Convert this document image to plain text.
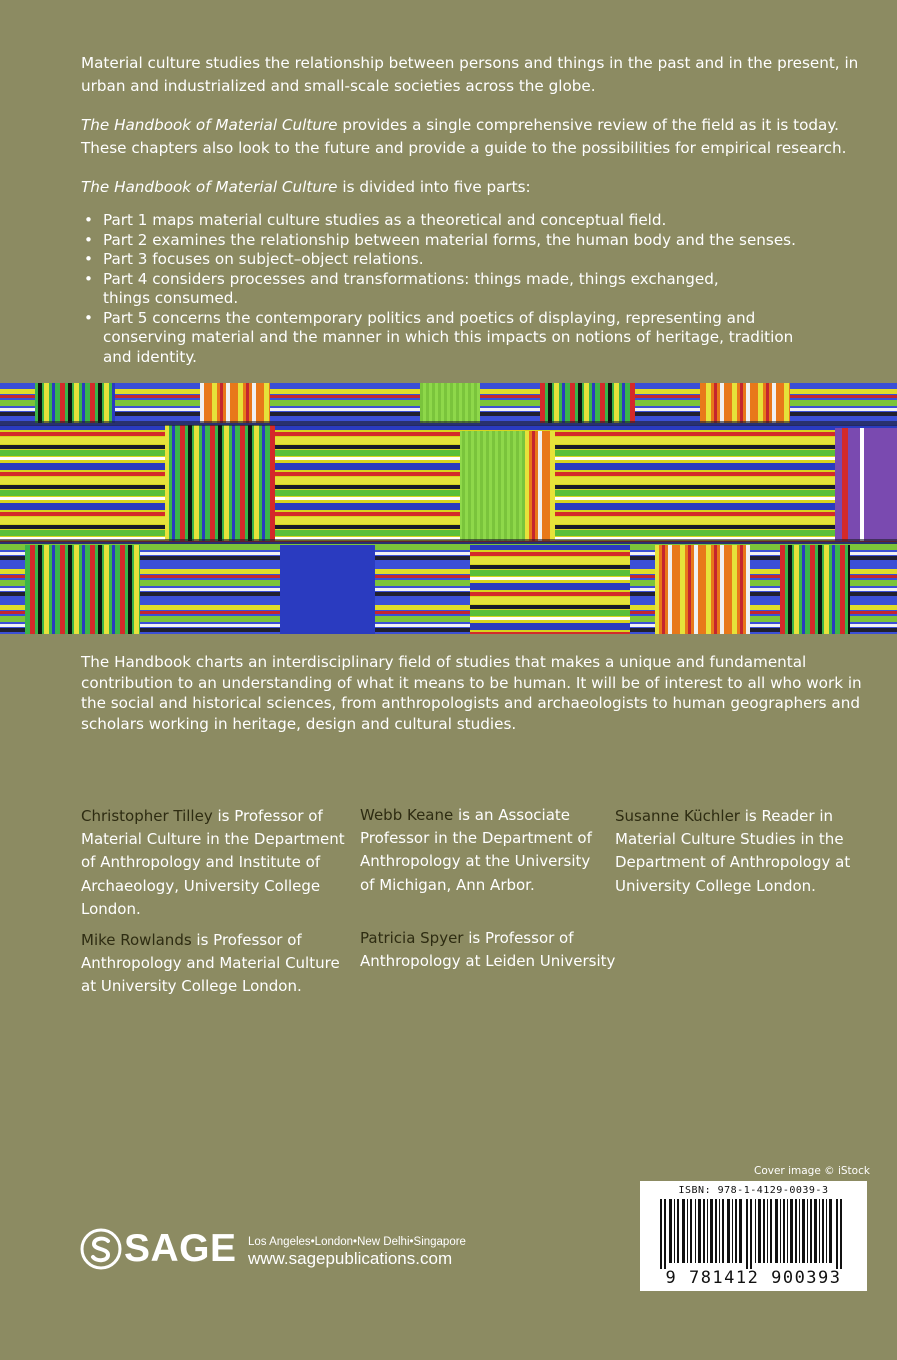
Material culture studies the relationship between persons and things in the past and in the present, in urban and industrialized and small-scale societies across the globe.

The Handbook of Material Culture provides a single comprehensive review of the field as it is today. These chapters also look to the future and provide a guide to the possibilities for empirical research.

The Handbook of Material Culture is divided into five parts:

• Part 1 maps material culture studies as a theoretical and conceptual field.
• Part 2 examines the relationship between material forms, the human body and the senses.
• Part 3 focuses on subject–object relations.
• Part 4 considers processes and transformations: things made, things exchanged, things consumed.
• Part 5 concerns the contemporary politics and poetics of displaying, representing and conserving material and the manner in which this impacts on notions of heritage, tradition and identity.

The Handbook charts an interdisciplinary field of studies that makes a unique and fundamental contribution to an understanding of what it means to be human. It will be of interest to all who work in the social and historical sciences, from anthropologists and archaeologists to human geographers and scholars working in heritage, design and cultural studies.

Christopher Tilley is Professor of Material Culture in the Department of Anthropology and Institute of Archaeology, University College London.

Mike Rowlands is Professor of Anthropology and Material Culture at University College London.

Webb Keane is an Associate Professor in the Department of Anthropology at the University of Michigan, Ann Arbor.

Patricia Spyer is Professor of Anthropology at Leiden University

Susanne Küchler is Reader in Material Culture Studies in the Department of Anthropology at University College London.

Cover image © iStock
ISBN: 978-1-4129-0039-3
9 781412 900393
SAGE Los Angeles•London•New Delhi•Singapore
www.sagepublications.com
